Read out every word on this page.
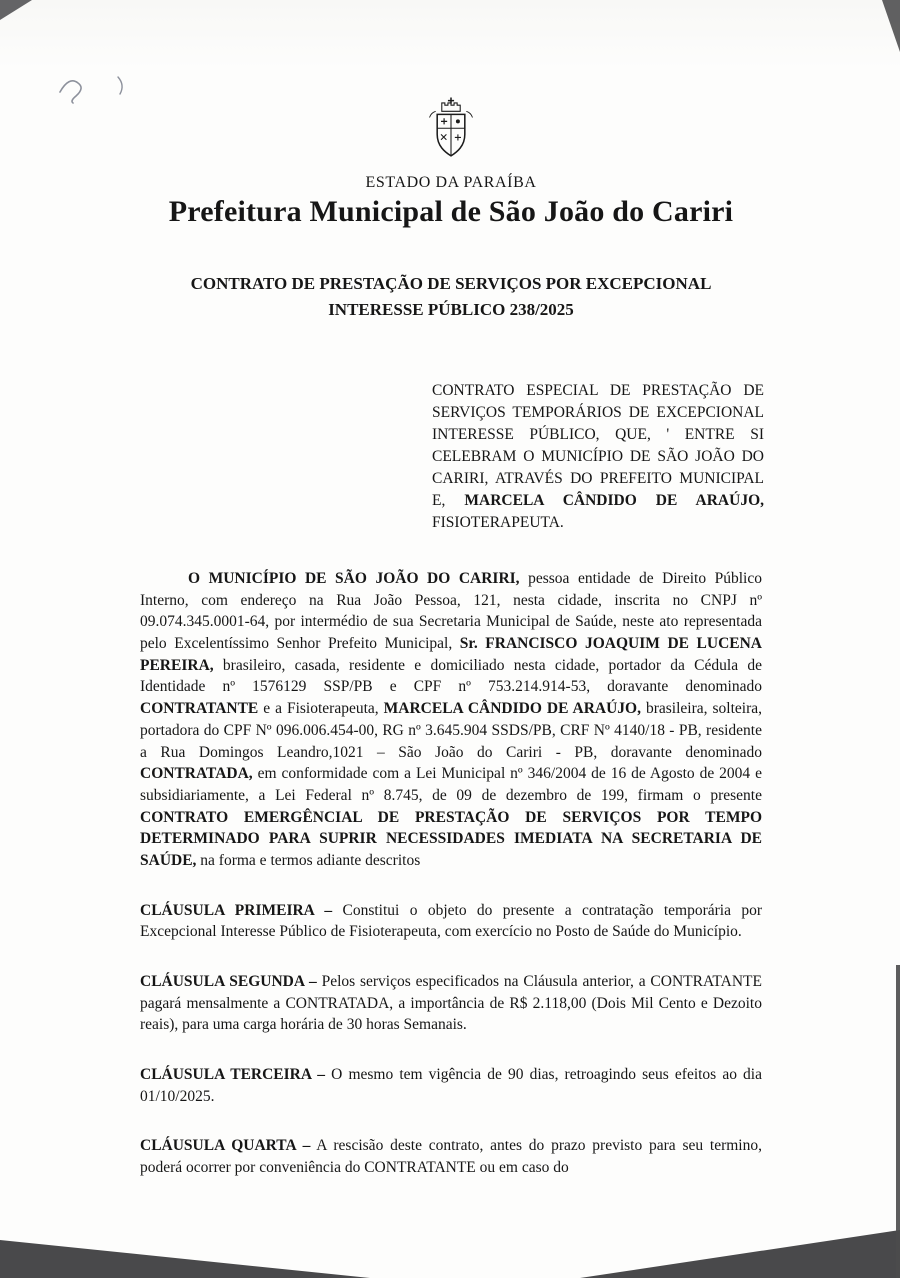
ESTADO DA PARAÍBA
Prefeitura Municipal de São João do Cariri
CONTRATO DE PRESTAÇÃO DE SERVIÇOS POR EXCEPCIONAL
INTERESSE PÚBLICO 238/2025

CONTRATO ESPECIAL DE PRESTAÇÃO DE SERVIÇOS TEMPORÁRIOS DE EXCEPCIONAL INTERESSE PÚBLICO, QUE, ' ENTRE SI CELEBRAM O MUNICÍPIO DE SÃO JOÃO DO CARIRI, ATRAVÉS DO PREFEITO MUNICIPAL E, MARCELA CÂNDIDO DE ARAÚJO, FISIOTERAPEUTA.

O MUNICÍPIO DE SÃO JOÃO DO CARIRI, pessoa entidade de Direito Público Interno, com endereço na Rua João Pessoa, 121, nesta cidade, inscrita no CNPJ nº 09.074.345.0001-64, por intermédio de sua Secretaria Municipal de Saúde, neste ato representada pelo Excelentíssimo Senhor Prefeito Municipal, Sr. FRANCISCO JOAQUIM DE LUCENA PEREIRA, brasileiro, casada, residente e domiciliado nesta cidade, portador da Cédula de Identidade nº 1576129 SSP/PB e CPF nº 753.214.914-53, doravante denominado CONTRATANTE e a Fisioterapeuta, MARCELA CÂNDIDO DE ARAÚJO, brasileira, solteira, portadora do CPF Nº 096.006.454-00, RG nº 3.645.904 SSDS/PB, CRF Nº 4140/18 - PB, residente a Rua Domingos Leandro,1021 – São João do Cariri - PB, doravante denominado CONTRATADA, em conformidade com a Lei Municipal nº 346/2004 de 16 de Agosto de 2004 e subsidiariamente, a Lei Federal nº 8.745, de 09 de dezembro de 199, firmam o presente CONTRATO EMERGÊNCIAL DE PRESTAÇÃO DE SERVIÇOS POR TEMPO DETERMINADO PARA SUPRIR NECESSIDADES IMEDIATA NA SECRETARIA DE SAÚDE, na forma e termos adiante descritos

CLÁUSULA PRIMEIRA – Constitui o objeto do presente a contratação temporária por Excepcional Interesse Público de Fisioterapeuta, com exercício no Posto de Saúde do Município.

CLÁUSULA SEGUNDA – Pelos serviços especificados na Cláusula anterior, a CONTRATANTE pagará mensalmente a CONTRATADA, a importância de R$ 2.118,00 (Dois Mil Cento e Dezoito reais), para uma carga horária de 30 horas Semanais.

CLÁUSULA TERCEIRA – O mesmo tem vigência de 90 dias, retroagindo seus efeitos ao dia 01/10/2025.

CLÁUSULA QUARTA – A rescisão deste contrato, antes do prazo previsto para seu termino, poderá ocorrer por conveniência do CONTRATANTE ou em caso do
